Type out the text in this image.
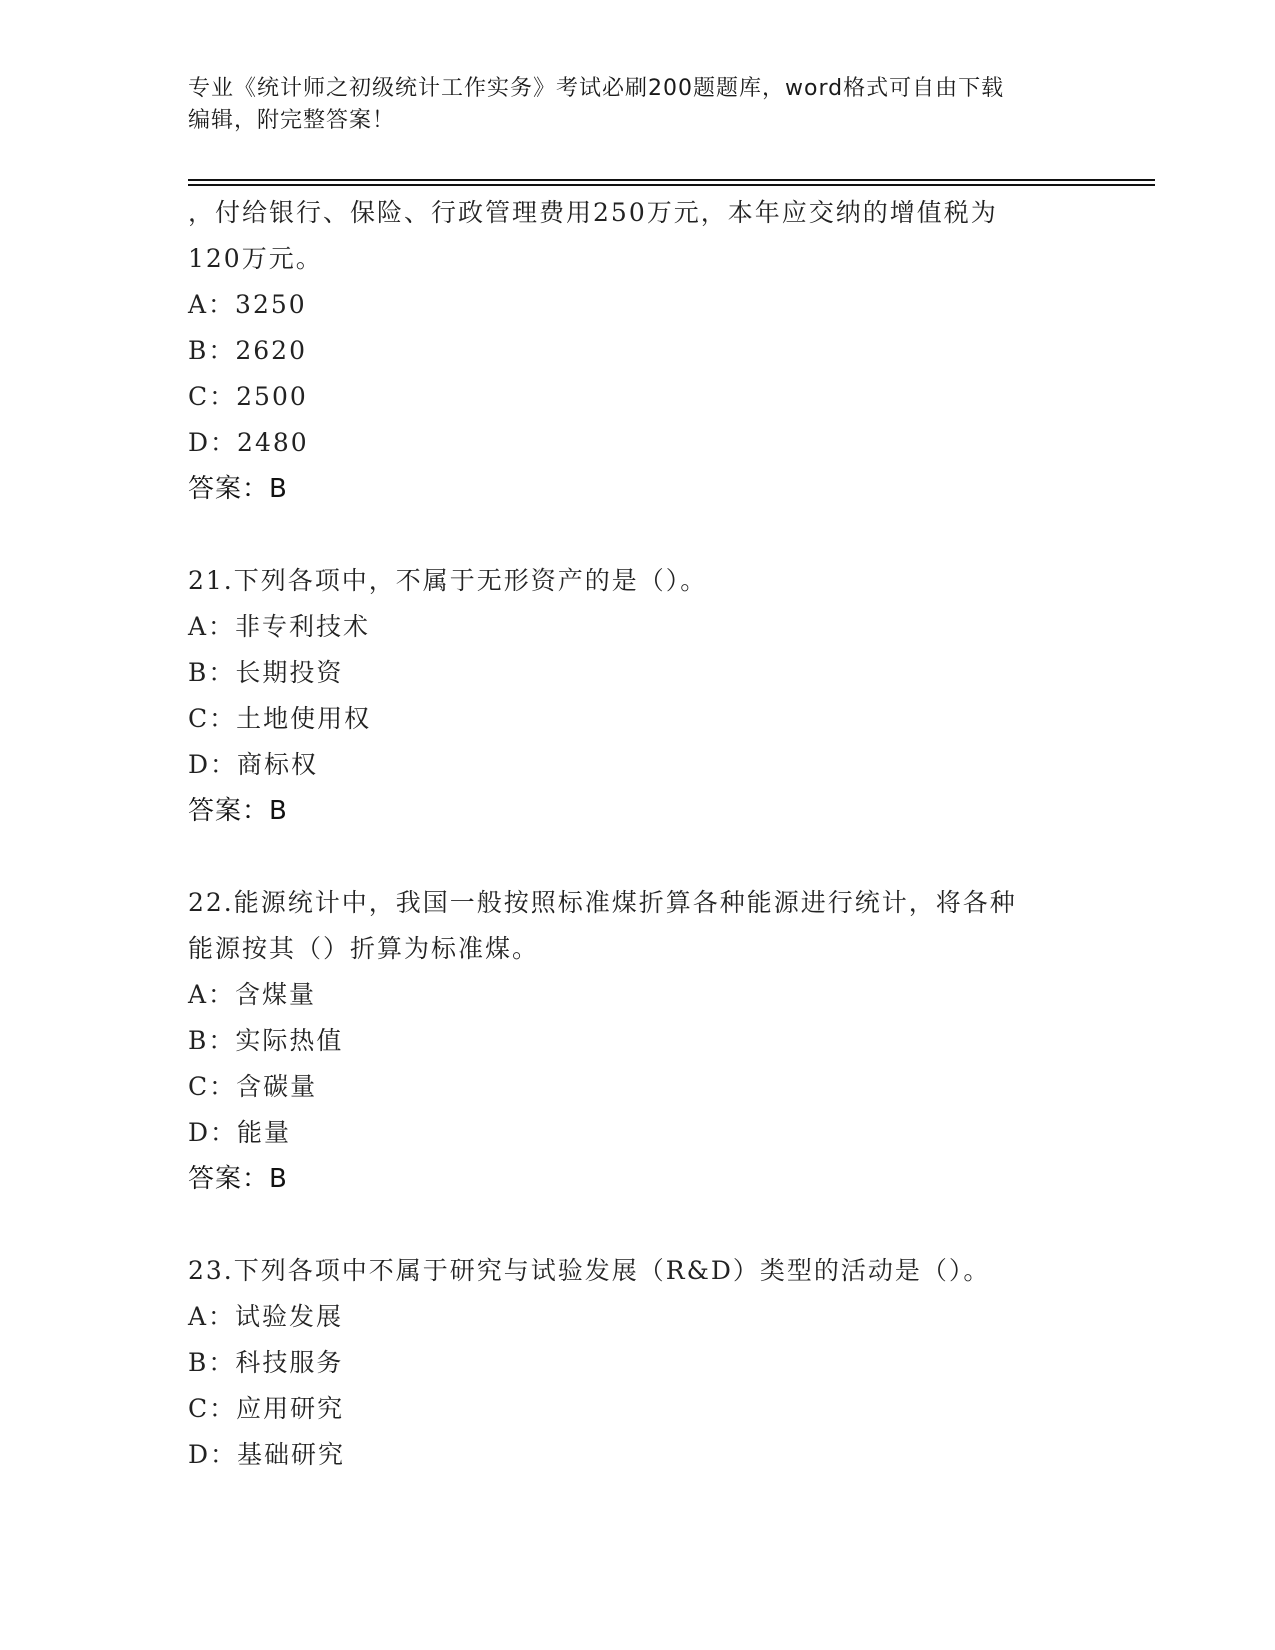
专业《统计师之初级统计工作实务》考试必刷200题题库，word格式可自由下载
编辑，附完整答案！
，付给银行、保险、行政管理费用250万元，本年应交纳的增值税为
120万元。
A：3250
B：2620
C：2500
D：2480
答案：B
21.下列各项中，不属于无形资产的是（）。
A：非专利技术
B：长期投资
C：土地使用权
D：商标权
答案：B
22.能源统计中，我国一般按照标准煤折算各种能源进行统计，将各种
能源按其（）折算为标准煤。
A：含煤量
B：实际热值
C：含碳量
D：能量
答案：B
23.下列各项中不属于研究与试验发展（R&D）类型的活动是（）。
A：试验发展
B：科技服务
C：应用研究
D：基础研究
